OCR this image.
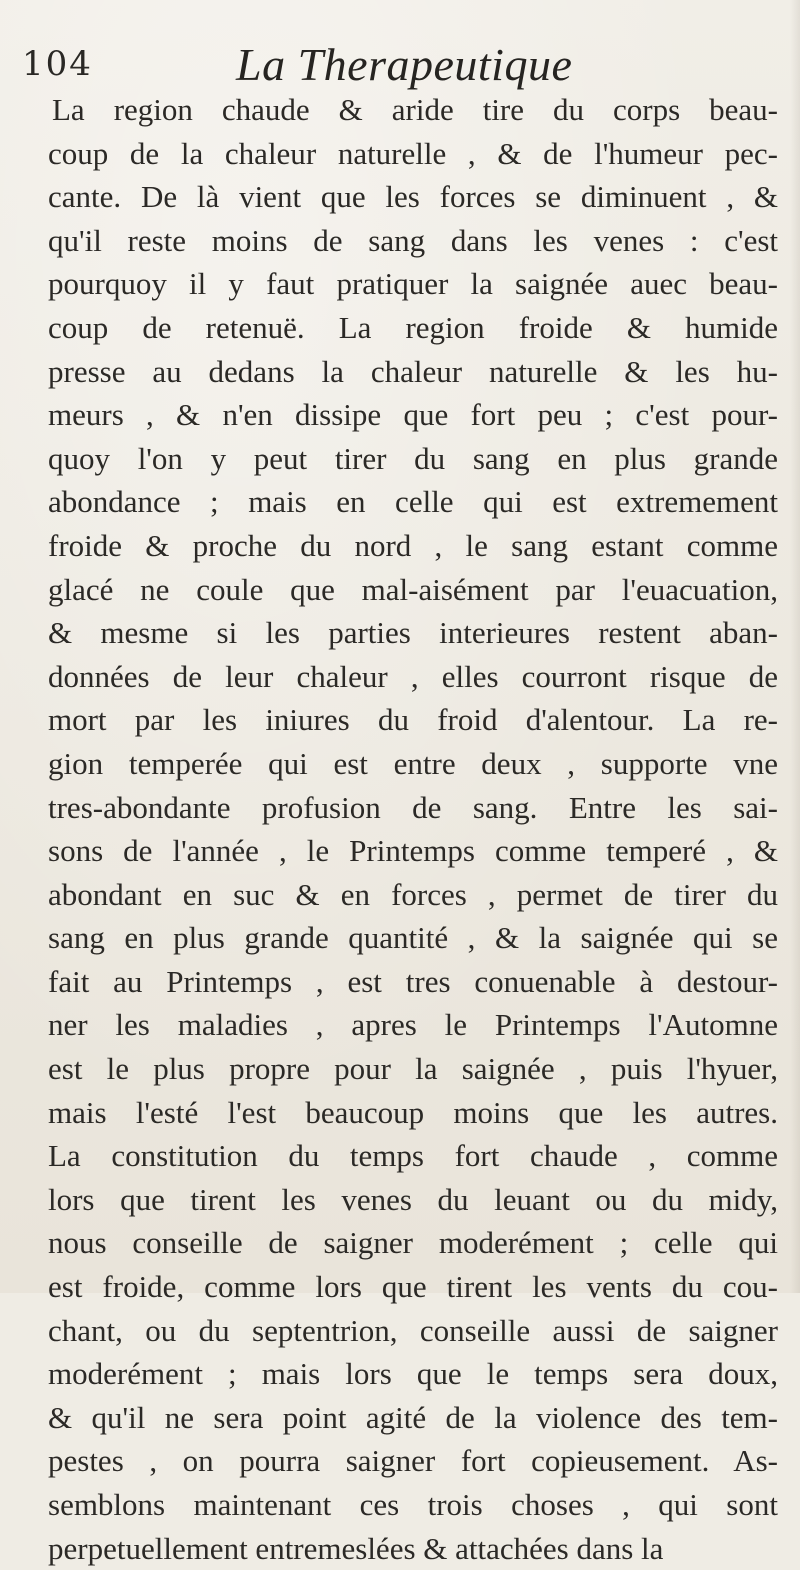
104	La Therapeutique
La region chaude & aride tire du corps beau-
coup de la chaleur naturelle , & de l'humeur pec-
cante. De là vient que les forces se diminuent , &
qu'il reste moins de sang dans les venes : c'est
pourquoy il y faut pratiquer la saignée auec beau-
coup de retenuë. La region froide & humide
presse au dedans la chaleur naturelle & les hu-
meurs , & n'en dissipe que fort peu ; c'est pour-
quoy l'on y peut tirer du sang en plus grande
abondance ; mais en celle qui est extremement
froide & proche du nord , le sang estant comme
glacé ne coule que mal-aisément par l'euacuation,
& mesme si les parties interieures restent aban-
données de leur chaleur , elles courront risque de
mort par les iniures du froid d'alentour. La re-
gion temperée qui est entre deux , supporte vne
tres-abondante profusion de sang. Entre les sai-
sons de l'année , le Printemps comme temperé , &
abondant en suc & en forces , permet de tirer du
sang en plus grande quantité , & la saignée qui se
fait au Printemps , est tres conuenable à destour-
ner les maladies , apres le Printemps l'Automne
est le plus propre pour la saignée , puis l'hyuer,
mais l'esté l'est beaucoup moins que les autres.
La constitution du temps fort chaude , comme
lors que tirent les venes du leuant ou du midy,
nous conseille de saigner moderément ; celle qui
est froide, comme lors que tirent les vents du cou-
chant, ou du septentrion, conseille aussi de saigner
moderément ; mais lors que le temps sera doux,
& qu'il ne sera point agité de la violence des tem-
pestes , on pourra saigner fort copieusement. As-
semblons maintenant ces trois choses , qui sont
perpetuellement entremeslées & attachées dans la
